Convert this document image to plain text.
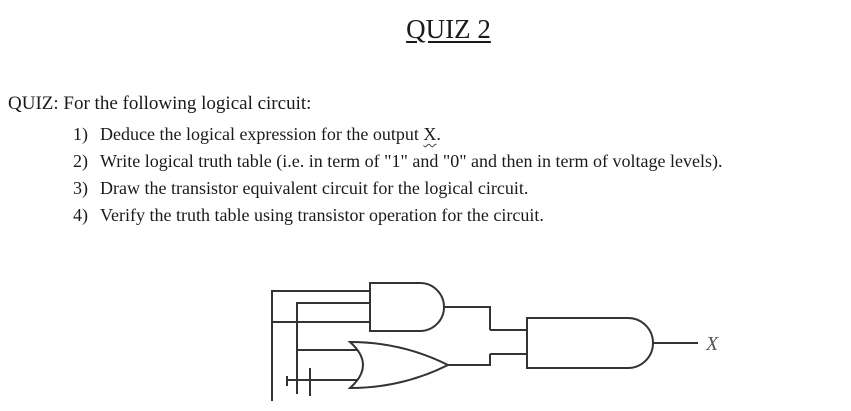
QUIZ 2
QUIZ: For the following logical circuit:
1) Deduce the logical expression for the output X.
2) Write logical truth table (i.e. in term of "1" and "0" and then in term of voltage levels).
3) Draw the transistor equivalent circuit for the logical circuit.
4) Verify the truth table using transistor operation for the circuit.
X
